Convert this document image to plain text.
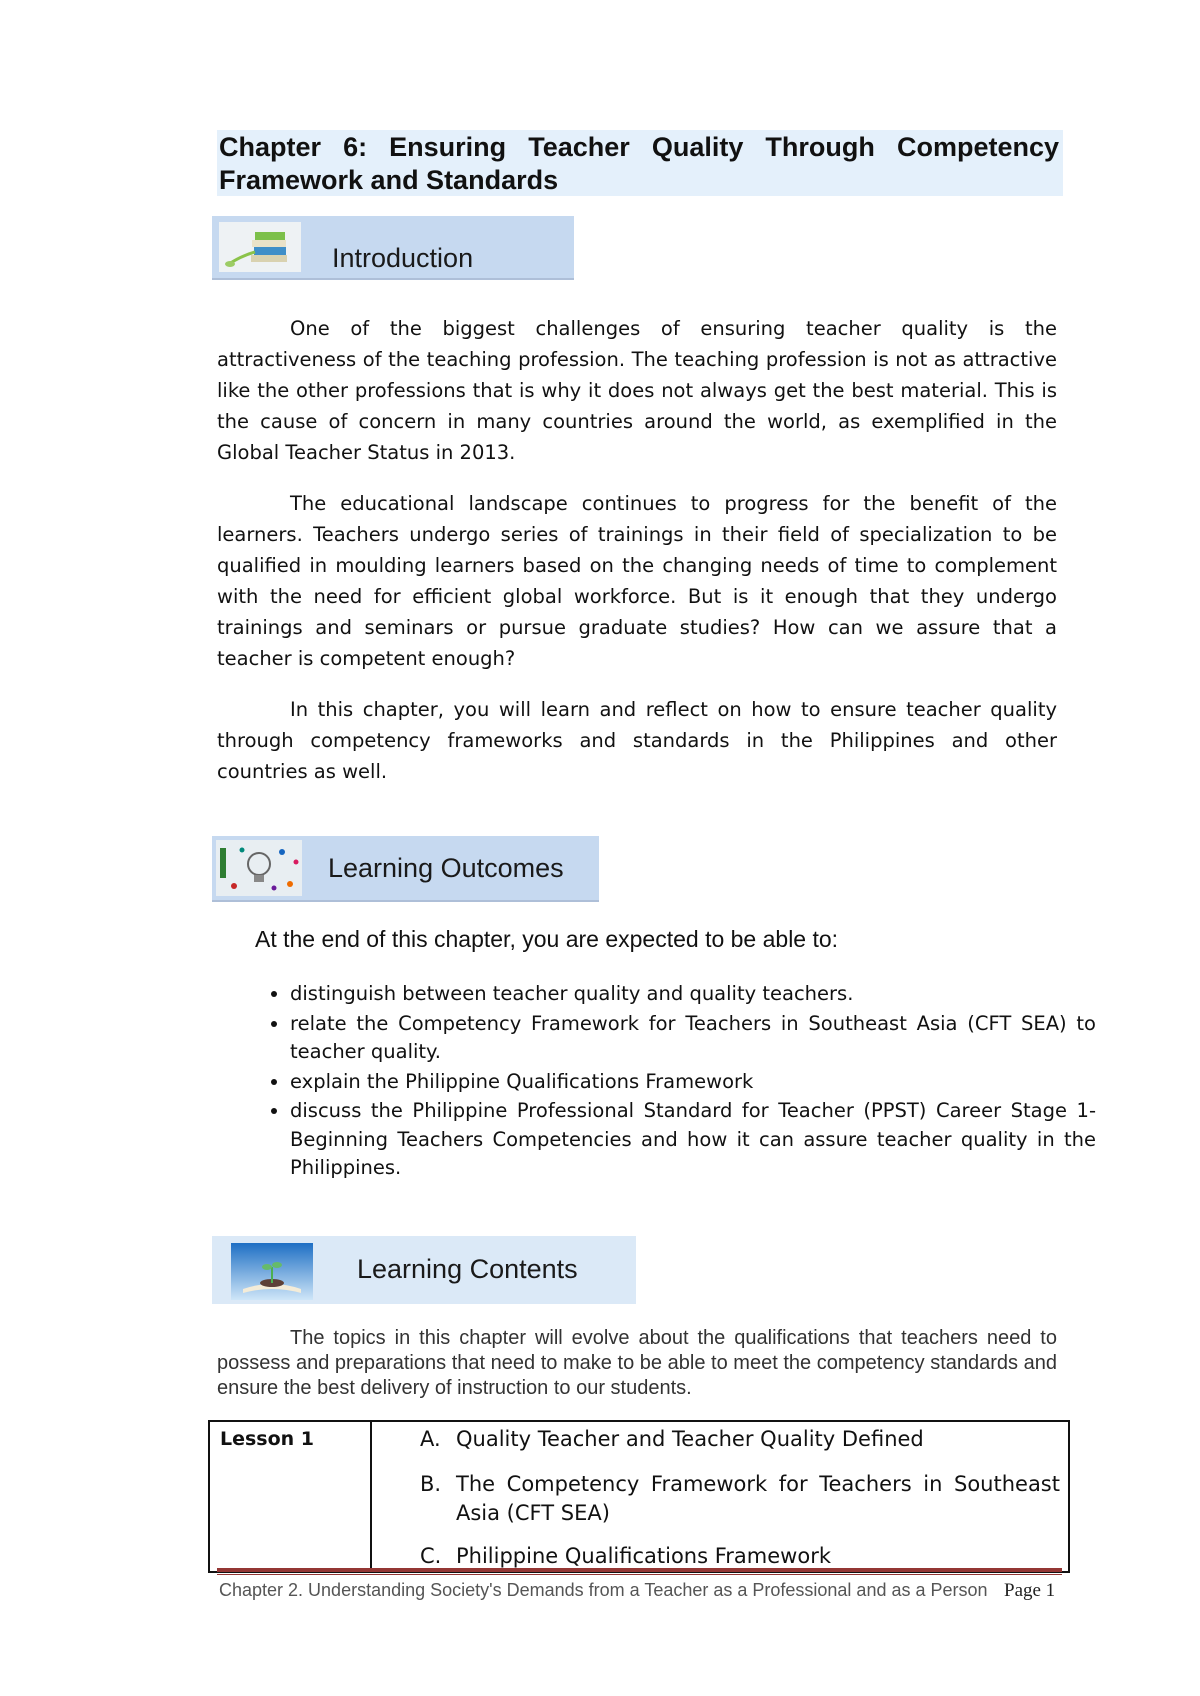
Chapter 6: Ensuring Teacher Quality Through Competency Framework and Standards
Introduction

One of the biggest challenges of ensuring teacher quality is the attractiveness of the teaching profession. The teaching profession is not as attractive like the other professions that is why it does not always get the best material. This is the cause of concern in many countries around the world, as exemplified in the Global Teacher Status in 2013.

The educational landscape continues to progress for the benefit of the learners. Teachers undergo series of trainings in their field of specialization to be qualified in moulding learners based on the changing needs of time to complement with the need for efficient global workforce. But is it enough that they undergo trainings and seminars or pursue graduate studies? How can we assure that a teacher is competent enough?

In this chapter, you will learn and reflect on how to ensure teacher quality through competency frameworks and standards in the Philippines and other countries as well.

Learning Outcomes
At the end of this chapter, you are expected to be able to:
• distinguish between teacher quality and quality teachers.
• relate the Competency Framework for Teachers in Southeast Asia (CFT SEA) to teacher quality.
• explain the Philippine Qualifications Framework
• discuss the Philippine Professional Standard for Teacher (PPST) Career Stage 1-Beginning Teachers Competencies and how it can assure teacher quality in the Philippines.
Learning Contents

The topics in this chapter will evolve about the qualifications that teachers need to possess and preparations that need to make to be able to meet the competency standards and ensure the best delivery of instruction to our students.

Lesson 1	A. Quality Teacher and Teacher Quality Defined
B. The Competency Framework for Teachers in Southeast Asia (CFT SEA)
C. Philippine Qualifications Framework
Chapter 2. Understanding Society's Demands from a Teacher as a Professional and as a Person Page 1
